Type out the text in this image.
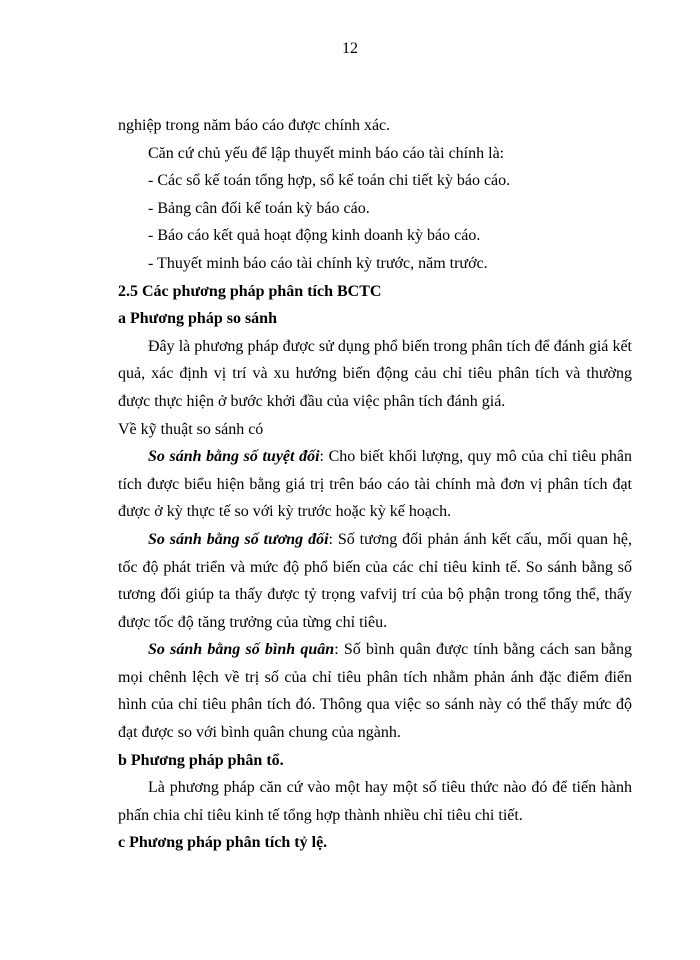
12

nghiệp trong năm báo cáo được chính xác.

Căn cứ chủ yếu để lập thuyết minh báo cáo tài chính là:

- Các sổ kế toán tổng hợp, sổ kế toán chi tiết kỳ báo cáo.

- Bảng cân đối kế toán kỳ báo cáo.

- Báo cáo kết quả hoạt động kinh doanh kỳ báo cáo.

- Thuyết minh báo cáo tài chính kỳ trước, năm trước.

2.5 Các phương pháp phân tích BCTC

a Phương pháp so sánh

Đây là phương pháp được sử dụng phổ biến trong phân tích để đánh giá kết quả, xác định vị trí và xu hướng biến động cảu chỉ tiêu phân tích và thường được thực hiện ở bước khởi đầu của việc phân tích đánh giá.

Về kỹ thuật so sánh có

So sánh bằng số tuyệt đối: Cho biết khối lượng, quy mô của chỉ tiêu phân tích được biểu hiện bằng giá trị trên báo cáo tài chính mà đơn vị phân tích đạt được ở kỳ thực tế so với kỳ trước hoặc kỳ kế hoạch.

So sánh bằng số tương đối: Số tương đối phản ánh kết cấu, mối quan hệ, tốc độ phát triển và mức độ phổ biến của các chỉ tiêu kinh tế. So sánh bằng số tương đối giúp ta thấy được tỷ trọng vafvij trí của bộ phận trong tổng thể, thấy được tốc độ tăng trưởng của từng chỉ tiêu.

So sánh bằng số bình quân: Số bình quân được tính bằng cách san bằng mọi chênh lệch về trị số của chỉ tiêu phân tích nhằm phản ánh đặc điểm điển hình của chỉ tiêu phân tích đó. Thông qua việc so sánh này có thể thấy mức độ đạt được so với bình quân chung của ngành.

b Phương pháp phân tổ.

Là phương pháp căn cứ vào một hay một số tiêu thức nào đó để tiến hành phấn chia chỉ tiêu kinh tế tổng hợp thành nhiều chỉ tiêu chi tiết.

c Phương pháp phân tích tỷ lệ.
